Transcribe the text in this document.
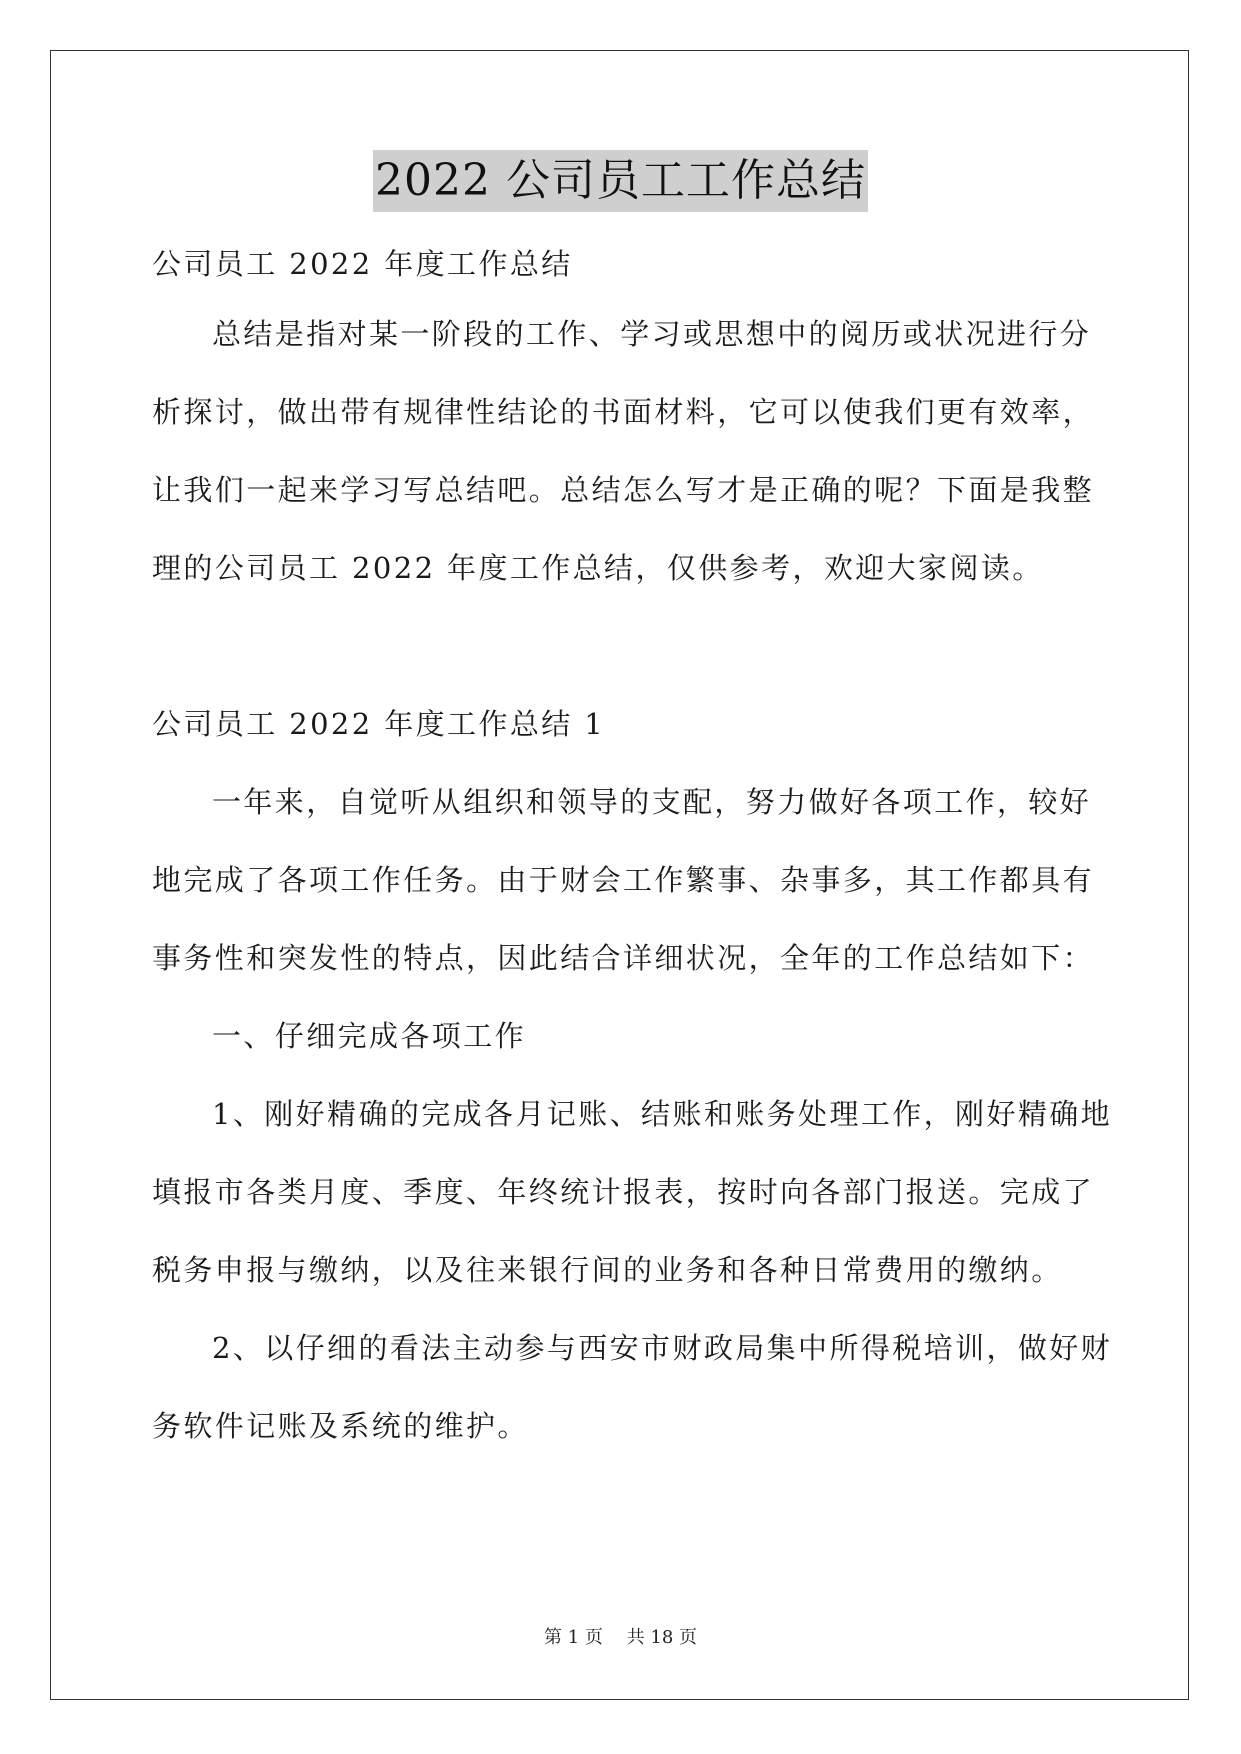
2022 公司员工工作总结
公司员工 2022 年度工作总结
总结是指对某一阶段的工作、学习或思想中的阅历或状况进行分
析探讨，做出带有规律性结论的书面材料，它可以使我们更有效率，
让我们一起来学习写总结吧。总结怎么写才是正确的呢？下面是我整
理的公司员工 2022 年度工作总结，仅供参考，欢迎大家阅读。
公司员工 2022 年度工作总结 1
一年来，自觉听从组织和领导的支配，努力做好各项工作，较好
地完成了各项工作任务。由于财会工作繁事、杂事多，其工作都具有
事务性和突发性的特点，因此结合详细状况，全年的工作总结如下：
一、仔细完成各项工作
1、刚好精确的完成各月记账、结账和账务处理工作，刚好精确地
填报市各类月度、季度、年终统计报表，按时向各部门报送。完成了
税务申报与缴纳，以及往来银行间的业务和各种日常费用的缴纳。
2、以仔细的看法主动参与西安市财政局集中所得税培训，做好财
务软件记账及系统的维护。
第 1 页 共 18 页
